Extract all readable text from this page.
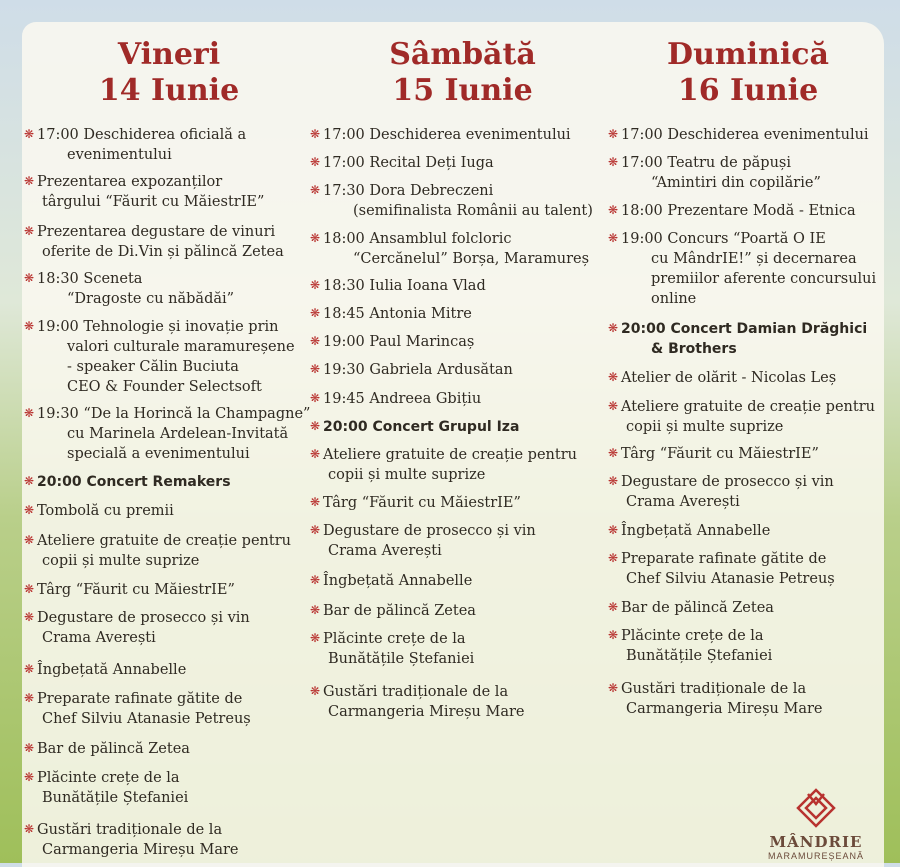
Vineri
14 Iunie
❋ 17:00 Deschiderea oficială a
evenimentului
❋ Prezentarea expozanților
târgului “Făurit cu MăiestrIE”
❋ Prezentarea degustare de vinuri
oferite de Di.Vin și pălincă Zetea
❋ 18:30 Sceneta
“Dragoste cu năbădăi”
❋ 19:00 Tehnologie și inovație prin
valori culturale maramureșene
- speaker Călin Buciuta
CEO & Founder Selectsoft
❋ 19:30 “De la Horincă la Champagne”
cu Marinela Ardelean-Invitată
specială a evenimentului
❋ 20:00 Concert Remakers
❋ Tombolă cu premii
❋ Ateliere gratuite de creație pentru
copii și multe suprize
❋ Târg “Făurit cu MăiestrIE”
❋ Degustare de prosecco și vin
Crama Averești
❋ Îngbețată Annabelle
❋ Preparate rafinate gătite de
Chef Silviu Atanasie Petreuș
❋ Bar de pălincă Zetea
❋ Plăcinte crețe de la
Bunătățile Ștefaniei
❋ Gustări tradiționale de la
Carmangeria Mireșu Mare
Sâmbătă
15 Iunie
❋ 17:00 Deschiderea evenimentului
❋ 17:00 Recital Deți Iuga
❋ 17:30 Dora Debreczeni
(semifinalista Românii au talent)
❋ 18:00 Ansamblul folcloric
“Cercănelul” Borșa, Maramureș
❋ 18:30 Iulia Ioana Vlad
❋ 18:45 Antonia Mitre
❋ 19:00 Paul Marincaș
❋ 19:30 Gabriela Ardusătan
❋ 19:45 Andreea Gbițiu
❋ 20:00 Concert Grupul Iza
❋ Ateliere gratuite de creație pentru
copii și multe suprize
❋ Târg “Făurit cu MăiestrIE”
❋ Degustare de prosecco și vin
Crama Averești
❋ Îngbețată Annabelle
❋ Bar de pălincă Zetea
❋ Plăcinte crețe de la
Bunătățile Ștefaniei
❋ Gustări tradiționale de la
Carmangeria Mireșu Mare
Duminică
16 Iunie
❋ 17:00 Deschiderea evenimentului
❋ 17:00 Teatru de păpuși
“Amintiri din copilărie”
❋ 18:00 Prezentare Modă - Etnica
❋ 19:00 Concurs “Poartă O IE
cu MândrIE!” și decernarea
premiilor aferente concursului
online
❋ 20:00 Concert Damian Drăghici
& Brothers
❋ Atelier de olărit - Nicolas Leș
❋ Ateliere gratuite de creație pentru
copii și multe suprize
❋ Târg “Făurit cu MăiestrIE”
❋ Degustare de prosecco și vin
Crama Averești
❋ Îngbețată Annabelle
❋ Preparate rafinate gătite de
Chef Silviu Atanasie Petreuș
❋ Bar de pălincă Zetea
❋ Plăcinte crețe de la
Bunătățile Ștefaniei
❋ Gustări tradiționale de la
Carmangeria Mireșu Mare
MÂNDRIE
MARAMUREȘEANĂ
